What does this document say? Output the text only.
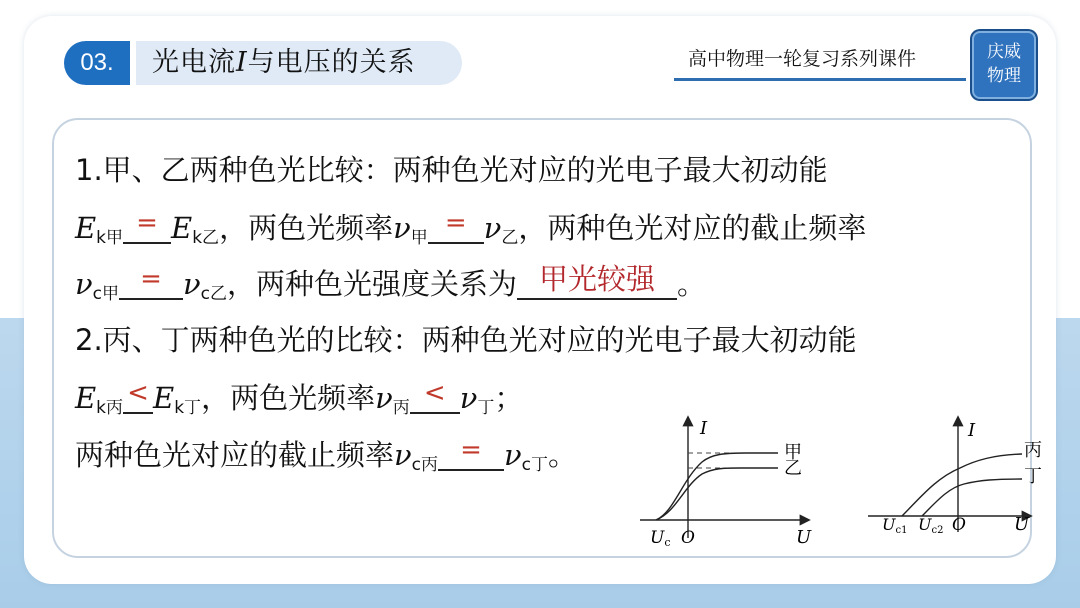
03.	光电流I与电压的关系	高中物理一轮复习系列课件	庆威
物理
1.甲、乙两种色光比较：两种色光对应的光电子最大初动能
$E_{k甲} = E_{k乙}$，两色光频率$\nu_甲 = \nu_乙$，两种色光对应的截止频率
$\nu_{c甲} = \nu_{c乙}$，两种色光强度关系为 甲光较强 。
2.丙、丁两种色光的比较：两种色光对应的光电子最大初动能
$E_{k丙} < E_{k丁}$，两色光频率$\nu_丙 < \nu_丁$；
两种色光对应的截止频率$\nu_{c丙} = \nu_{c丁}$。
I
U
O
Uc
甲
乙
I
U
O
Uc1 Uc2
丙
丁
